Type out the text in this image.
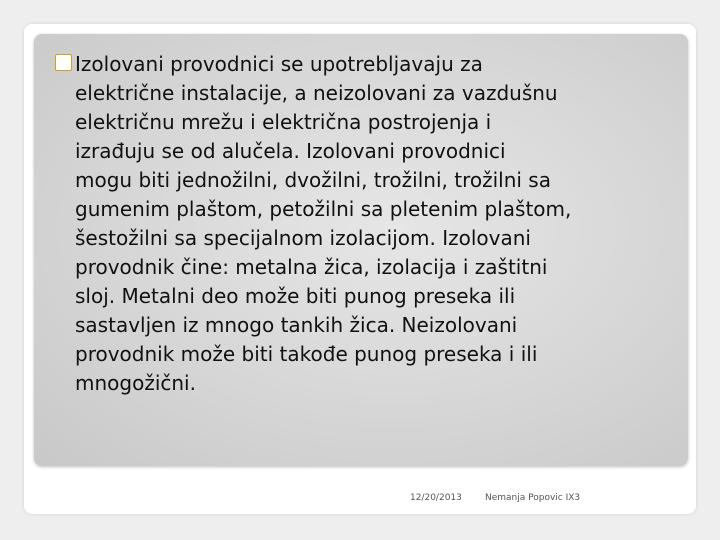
Izolovani provodnici se upotrebljavaju za
električne instalacije, a neizolovani za vazdušnu
električnu mrežu i električna postrojenja i
izrađuju se od alučela. Izolovani provodnici
mogu biti jednožilni, dvožilni, trožilni, trožilni sa
gumenim plaštom, petožilni sa pletenim plaštom,
šestožilni sa specijalnom izolacijom. Izolovani
provodnik čine: metalna žica, izolacija i zaštitni
sloj. Metalni deo može biti punog preseka ili
sastavljen iz mnogo tankih žica. Neizolovani
provodnik može biti takođe punog preseka i ili
mnogožični.

12/20/2013	Nemanja Popovic IX3
